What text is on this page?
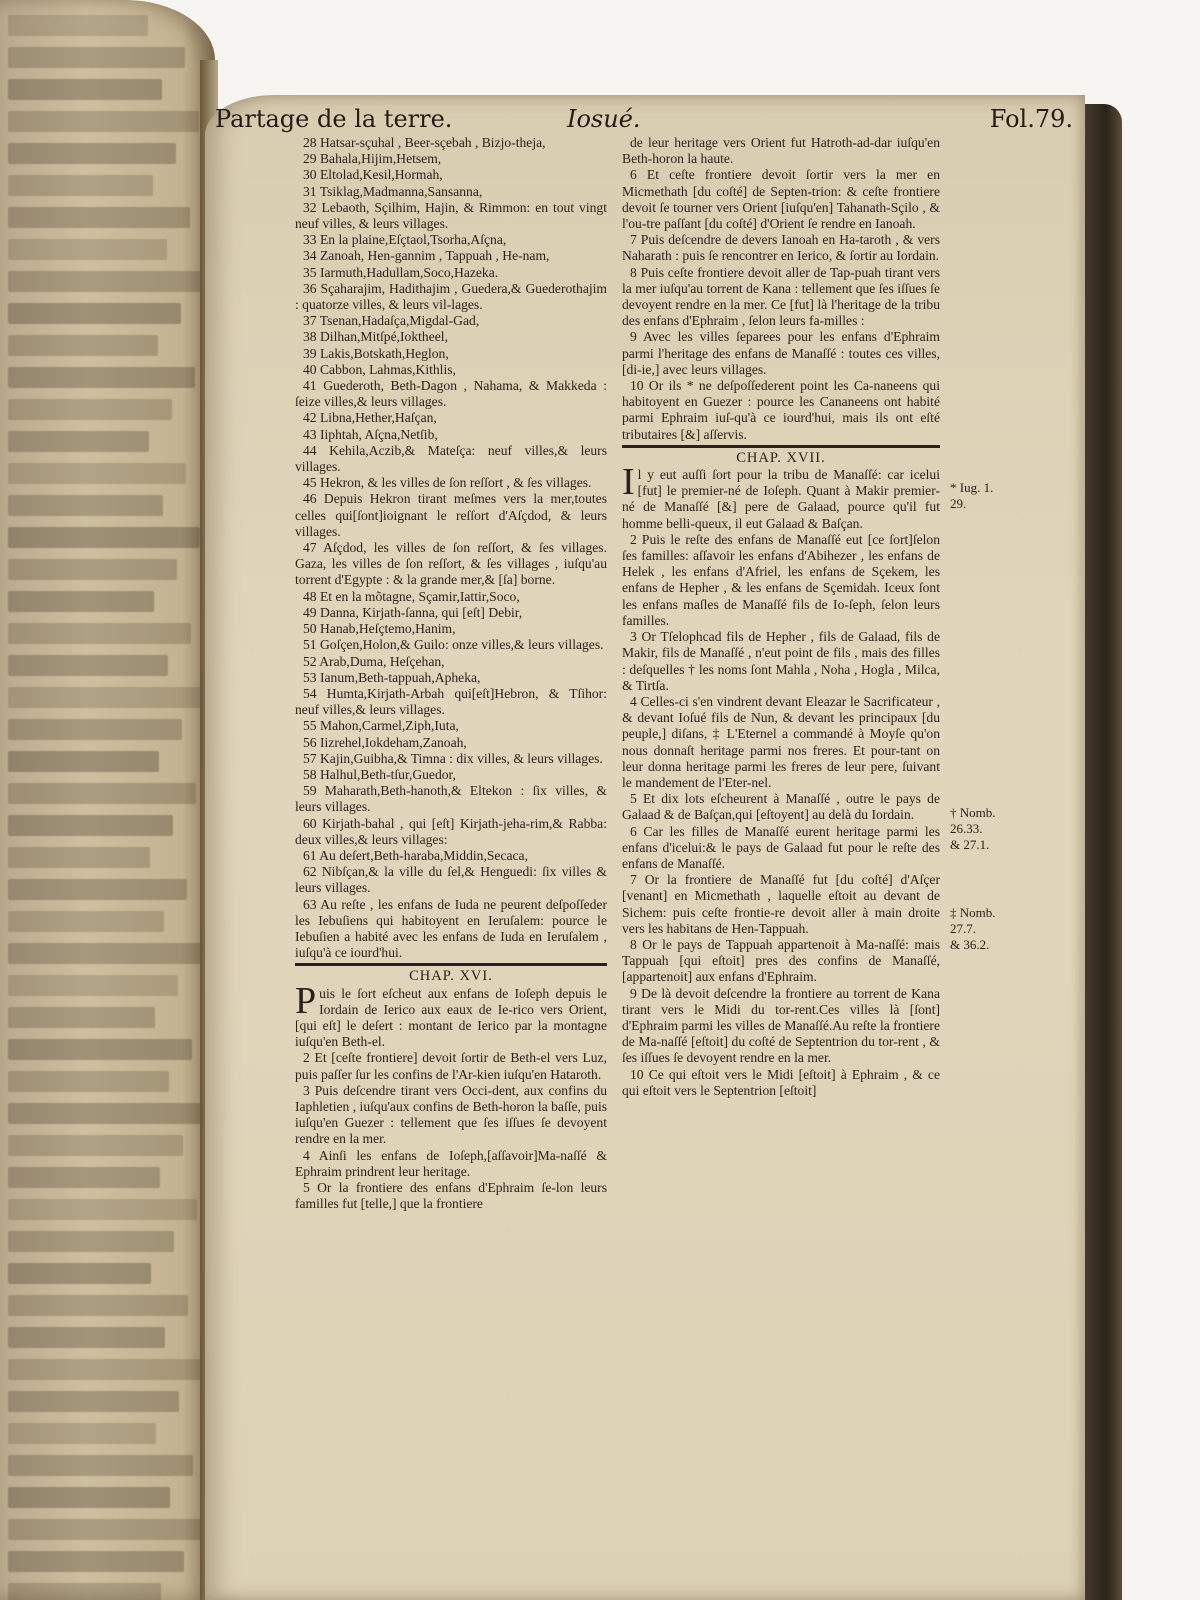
Partage de la terre.	Iosué.	Fol.79.

28 Hatsar-sçuhal , Beer-sçebah , Bizjo-theja,

29 Bahala,Hijim,Hetsem,

30 Eltolad,Kesil,Hormah,

31 Tsiklag,Madmanna,Sansanna,

32 Lebaoth, Sçilhim, Hajin, & Rimmon: en tout vingt neuf villes, & leurs villages.

33 En la plaine,Eſçtaol,Tsorha,Aſçna,

34 Zanoah, Hen-gannim , Tappuah , He-nam,

35 Iarmuth,Hadullam,Soco,Hazeka.

36 Sçaharajim, Hadithajim , Guedera,& Guederothajim : quatorze villes, & leurs vil-lages.

37 Tsenan,Hadaſça,Migdal-Gad,

38 Dilhan,Mitſpé,Ioktheel,

39 Lakis,Botskath,Heglon,

40 Cabbon, Lahmas,Kithlis,

41 Guederoth, Beth-Dagon , Nahama, & Makkeda : ſeize villes,& leurs villages.

42 Libna,Hether,Haſçan,

43 Iiphtah, Aſçna,Netſib,

44 Kehila,Aczib,& Mateſça: neuf villes,& leurs villages.

45 Hekron, & les villes de ſon reſſort , & ſes villages.

46 Depuis Hekron tirant meſmes vers la mer,toutes celles qui[ſont]ioignant le reſſort d'Aſçdod, & leurs villages.

47 Aſçdod, les villes de ſon reſſort, & ſes villages. Gaza, les villes de ſon reſſort, & ſes villages , iuſqu'au torrent d'Egypte : & la grande mer,& [ſa] borne.

48 Et en la mõtagne, Sçamir,Iattir,Soco,

49 Danna, Kirjath-ſanna, qui [eſt] Debir,

50 Hanab,Heſçtemo,Hanim,

51 Goſçen,Holon,& Guilo: onze villes,& leurs villages.

52 Arab,Duma, Heſçehan,

53 Ianum,Beth-tappuah,Apheka,

54 Humta,Kirjath-Arbah qui[eſt]Hebron, & Tſihor: neuf villes,& leurs villages.

55 Mahon,Carmel,Ziph,Iuta,

56 Iizrehel,Iokdeham,Zanoah,

57 Kajin,Guibha,& Timna : dix villes, & leurs villages.

58 Halhul,Beth-tſur,Guedor,

59 Maharath,Beth-hanoth,& Eltekon : ſix villes, & leurs villages.

60 Kirjath-bahal , qui [eſt] Kirjath-jeha-rim,& Rabba: deux villes,& leurs villages:

61 Au deſert,Beth-haraba,Middin,Secaca,

62 Nibſçan,& la ville du ſel,& Henguedi: ſix villes & leurs villages.

63 Au reſte , les enfans de Iuda ne peurent deſpoſſeder les Iebuſiens qui habitoyent en Ieruſalem: pource le Iebuſien a habité avec les enfans de Iuda en Ieruſalem , iuſqu'à ce iourd'hui.

CHAP. XVI.

Puis le ſort eſcheut aux enfans de Ioſeph depuis le Iordain de Ierico aux eaux de Ie-rico vers Orient, [qui eſt] le deſert : montant de Ierico par la montagne iuſqu'en Beth-el.

2 Et [ceſte frontiere] devoit ſortir de Beth-el vers Luz, puis paſſer ſur les confins de l'Ar-kien iuſqu'en Hataroth.

3 Puis deſcendre tirant vers Occi-dent, aux confins du Iaphletien , iuſqu'aux confins de Beth-horon la baſſe, puis iuſqu'en Guezer : tellement que ſes iſſues ſe devoyent rendre en la mer.

4 Ainſi les enfans de Ioſeph,[aſſavoir]Ma-naſſé & Ephraim prindrent leur heritage.

5 Or la frontiere des enfans d'Ephraim ſe-lon leurs familles fut [telle,] que la frontiere

de leur heritage vers Orient fut Hatroth-ad-dar iuſqu'en Beth-horon la haute.

6 Et ceſte frontiere devoit ſortir vers la mer en Micmethath [du coſté] de Septen-trion: & ceſte frontiere devoit ſe tourner vers Orient [iuſqu'en] Tahanath-Sçilo , & l'ou-tre paſſant [du coſté] d'Orient ſe rendre en Ianoah.

7 Puis deſcendre de devers Ianoah en Ha-taroth , & vers Naharath : puis ſe rencontrer en Ierico, & ſortir au Iordain.

8 Puis ceſte frontiere devoit aller de Tap-puah tirant vers la mer iuſqu'au torrent de Kana : tellement que ſes iſſues ſe devoyent rendre en la mer. Ce [fut] là l'heritage de la tribu des enfans d'Ephraim , ſelon leurs fa-milles :

9 Avec les villes ſeparees pour les enfans d'Ephraim parmi l'heritage des enfans de Manaſſé : toutes ces villes, [di-ie,] avec leurs villages.

10 Or ils * ne deſpoſſederent point les Ca-naneens qui habitoyent en Guezer : pource les Cananeens ont habité parmi Ephraim iuſ-qu'à ce iourd'hui, mais ils ont eſté tributaires [&] aſſervis.

CHAP. XVII.

Il y eut auſſi ſort pour la tribu de Manaſſé: car icelui [fut] le premier-né de Ioſeph. Quant à Makir premier-né de Manaſſé [&] pere de Galaad, pource qu'il fut homme belli-queux, il eut Galaad & Baſçan.

2 Puis le reſte des enfans de Manaſſé eut [ce ſort]ſelon ſes familles: aſſavoir les enfans d'Abihezer , les enfans de Helek , les enfans d'Afriel, les enfans de Sçekem, les enfans de Hepher , & les enfans de Sçemidah. Iceux ſont les enfans maſles de Manaſſé fils de Io-ſeph, ſelon leurs familles.

3 Or Tſelophcad fils de Hepher , fils de Galaad, fils de Makir, fils de Manaſſé , n'eut point de fils , mais des filles : deſquelles † les noms ſont Mahla , Noha , Hogla , Milca, & Tirtſa.

4 Celles-ci s'en vindrent devant Eleazar le Sacrificateur , & devant Ioſué fils de Nun, & devant les principaux [du peuple,] diſans, ‡ L'Eternel a commandé à Moyſe qu'on nous donnaſt heritage parmi nos freres. Et pour-tant on leur donna heritage parmi les freres de leur pere, ſuivant le mandement de l'Eter-nel.

5 Et dix lots eſcheurent à Manaſſé , outre le pays de Galaad & de Baſçan,qui [eſtoyent] au delà du Iordain.

6 Car les filles de Manaſſé eurent heritage parmi les enfans d'icelui:& le pays de Galaad fut pour le reſte des enfans de Manaſſé.

7 Or la frontiere de Manaſſé fut [du coſté] d'Aſçer [venant] en Micmethath , laquelle eſtoit au devant de Sichem: puis ceſte frontie-re devoit aller à main droite vers les habitans de Hen-Tappuah.

8 Or le pays de Tappuah appartenoit à Ma-naſſé: mais Tappuah [qui eſtoit] pres des confins de Manaſſé, [appartenoit] aux enfans d'Ephraim.

9 De là devoit deſcendre la frontiere au torrent de Kana tirant vers le Midi du tor-rent.Ces villes là [ſont] d'Ephraim parmi les villes de Manaſſé.Au reſte la frontiere de Ma-naſſé [eſtoit] du coſté de Septentrion du tor-rent , & ſes iſſues ſe devoyent rendre en la mer.

10 Ce qui eſtoit vers le Midi [eſtoit] à Ephraim , & ce qui eſtoit vers le Septentrion [eſtoit]

* Iug. 1.
29.
† Nomb.
26.33.
& 27.1.
‡ Nomb.
27.7.
& 36.2.
